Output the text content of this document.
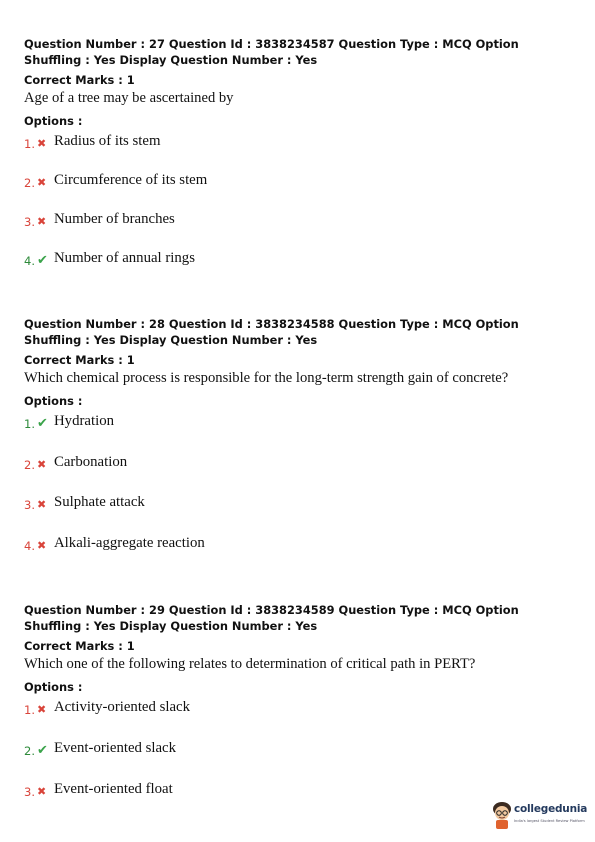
Question Number : 27 Question Id : 3838234587 Question Type : MCQ Option Shuffling : Yes Display Question Number : Yes
Correct Marks : 1
Age of a tree may be ascertained by
Options :
1. ✖ Radius of its stem
2. ✖ Circumference of its stem
3. ✖ Number of branches
4. ✔ Number of annual rings
Question Number : 28 Question Id : 3838234588 Question Type : MCQ Option Shuffling : Yes Display Question Number : Yes
Correct Marks : 1
Which chemical process is responsible for the long-term strength gain of concrete?
Options :
1. ✔ Hydration
2. ✖ Carbonation
3. ✖ Sulphate attack
4. ✖ Alkali-aggregate reaction
Question Number : 29 Question Id : 3838234589 Question Type : MCQ Option Shuffling : Yes Display Question Number : Yes
Correct Marks : 1
Which one of the following relates to determination of critical path in PERT?
Options :
1. ✖ Activity-oriented slack
2. ✔ Event-oriented slack
3. ✖ Event-oriented float
collegedunia
India's largest Student Review Platform
